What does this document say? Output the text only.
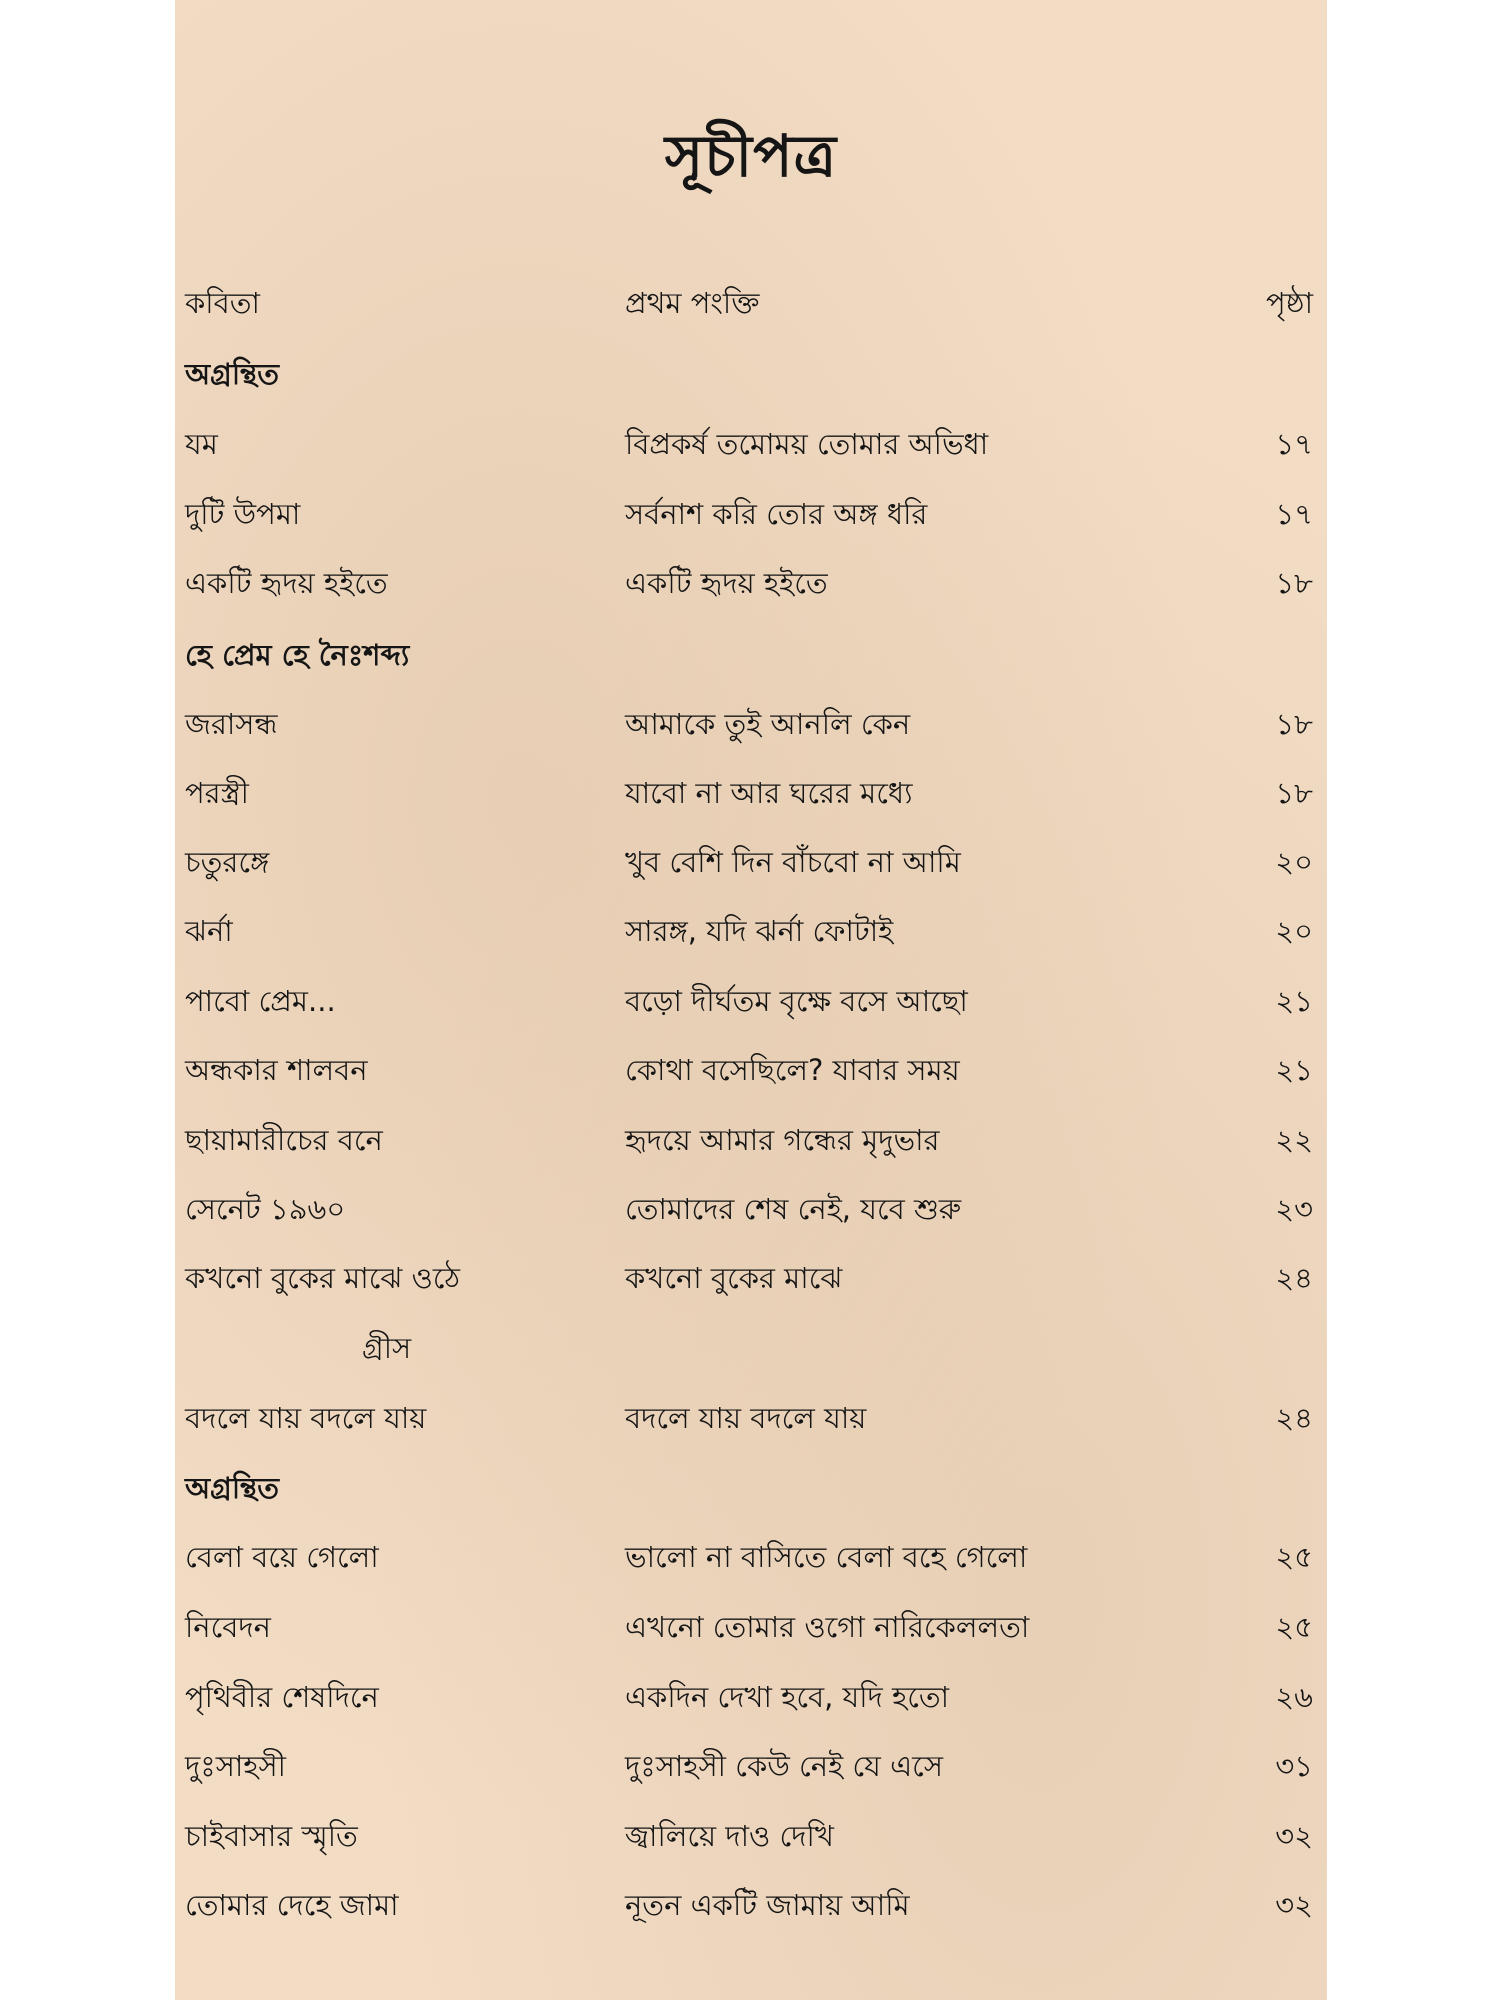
সূচীপত্র
কবিতা	প্রথম পংক্তি	পৃষ্ঠা
অগ্রন্থিত
যম	বিপ্রকর্ষ তমোময় তোমার অভিধা	১৭
দুটি উপমা	সর্বনাশ করি তোর অঙ্গ ধরি	১৭
একটি হৃদয় হইতে	একটি হৃদয় হইতে	১৮
হে প্রেম হে নৈঃশব্দ্য
জরাসন্ধ	আমাকে তুই আনলি কেন	১৮
পরস্ত্রী	যাবো না আর ঘরের মধ্যে	১৮
চতুরঙ্গে	খুব বেশি দিন বাঁচবো না আমি	২০
ঝর্না	সারঙ্গ, যদি ঝর্না ফোটাই	২০
পাবো প্রেম...	বড়ো দীর্ঘতম বৃক্ষে বসে আছো	২১
অন্ধকার শালবন	কোথা বসেছিলে? যাবার সময়	২১
ছায়ামারীচের বনে	হৃদয়ে আমার গন্ধের মৃদুভার	২২
সেনেট ১৯৬০	তোমাদের শেষ নেই, যবে শুরু	২৩
কখনো বুকের মাঝে ওঠে	কখনো বুকের মাঝে	২৪
গ্রীস
বদলে যায় বদলে যায়	বদলে যায় বদলে যায়	২৪
অগ্রন্থিত
বেলা বয়ে গেলো	ভালো না বাসিতে বেলা বহে গেলো	২৫
নিবেদন	এখনো তোমার ওগো নারিকেললতা	২৫
পৃথিবীর শেষদিনে	একদিন দেখা হবে, যদি হতো	২৬
দুঃসাহসী	দুঃসাহসী কেউ নেই যে এসে	৩১
চাইবাসার স্মৃতি	জ্বালিয়ে দাও দেখি	৩২
তোমার দেহে জামা	নূতন একটি জামায় আমি	৩২
